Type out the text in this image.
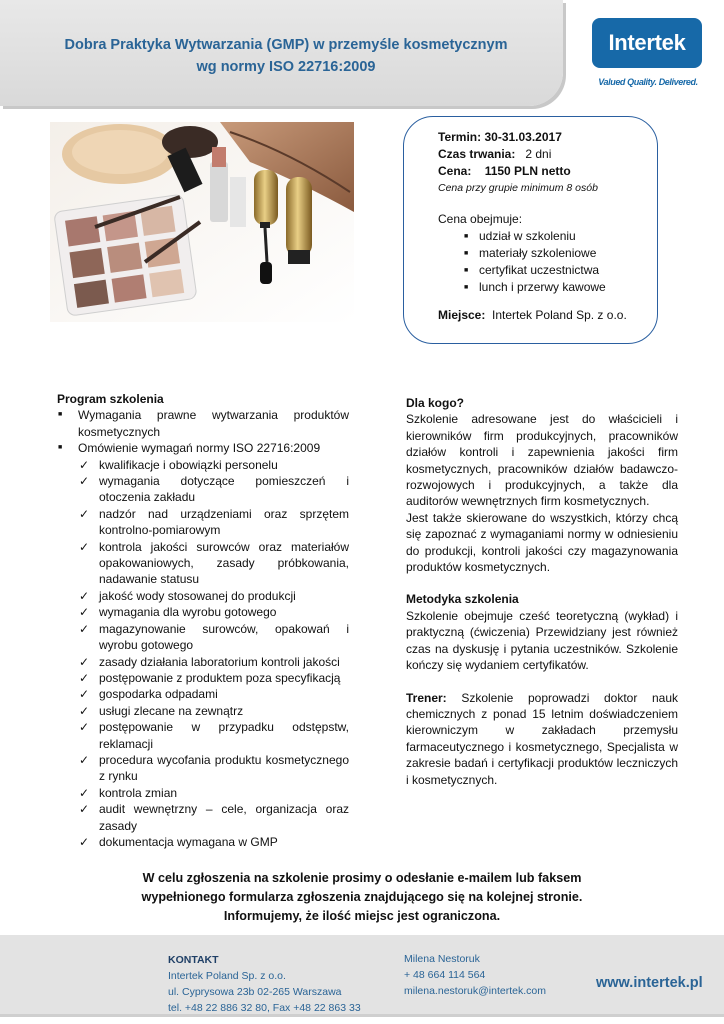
Dobra Praktyka Wytwarzania (GMP) w przemyśle kosmetycznym
wg normy ISO 22716:2009
Intertek
Valued Quality. Delivered.
Termin: 30-31.03.2017
Czas trwania: 2 dni
Cena: 1150 PLN netto
Cena przy grupie minimum 8 osób
Cena obejmuje:
■ udział w szkoleniu
■ materiały szkoleniowe
■ certyfikat uczestnictwa
■ lunch i przerwy kawowe
Miejsce: Intertek Poland Sp. z o.o.
Program szkolenia
■ Wymagania prawne wytwarzania produktów kosmetycznych
■ Omówienie wymagań normy ISO 22716:2009
✓ kwalifikacje i obowiązki personelu
✓ wymagania dotyczące pomieszczeń i otoczenia zakładu
✓ nadzór nad urządzeniami oraz sprzętem kontrolno-pomiarowym
✓ kontrola jakości surowców oraz materiałów opakowaniowych, zasady próbkowania, nadawanie statusu
✓ jakość wody stosowanej do produkcji
✓ wymagania dla wyrobu gotowego
✓ magazynowanie surowców, opakowań i wyrobu gotowego
✓ zasady działania laboratorium kontroli jakości
✓ postępowanie z produktem poza specyfikacją
✓ gospodarka odpadami
✓ usługi zlecane na zewnątrz
✓ postępowanie w przypadku odstępstw, reklamacji
✓ procedura wycofania produktu kosmetycznego z rynku
✓ kontrola zmian
✓ audit wewnętrzny – cele, organizacja oraz zasady
✓ dokumentacja wymagana w GMP
Dla kogo?

Szkolenie adresowane jest do właścicieli i kierowników firm produkcyjnych, pracowników działów kontroli i zapewnienia jakości firm kosmetycznych, pracowników działów badawczo-rozwojowych i produkcyjnych, a także dla auditorów wewnętrznych firm kosmetycznych.

Jest także skierowane do wszystkich, którzy chcą się zapoznać z wymaganiami normy w odniesieniu do produkcji, kontroli jakości czy magazynowania produktów kosmetycznych.

Metodyka szkolenia

Szkolenie obejmuje cześć teoretyczną (wykład) i praktyczną (ćwiczenia) Przewidziany jest również czas na dyskusję i pytania uczestników. Szkolenie kończy się wydaniem certyfikatów.

Trener: Szkolenie poprowadzi doktor nauk chemicznych z ponad 15 letnim doświadczeniem kierowniczym w zakładach przemysłu farmaceutycznego i kosmetycznego, Specjalista w zakresie badań i certyfikacji produktów leczniczych i kosmetycznych.

W celu zgłoszenia na szkolenie prosimy o odesłanie e-mailem lub faksem
wypełnionego formularza zgłoszenia znajdującego się na kolejnej stronie.
Informujemy, że ilość miejsc jest ograniczona.
KONTAKT
Intertek Poland Sp. z o.o.
ul. Cyprysowa 23b 02-265 Warszawa
tel. +48 22 886 32 80, Fax +48 22 863 33
Milena Nestoruk
+ 48 664 114 564
milena.nestoruk@intertek.com	www.intertek.pl
